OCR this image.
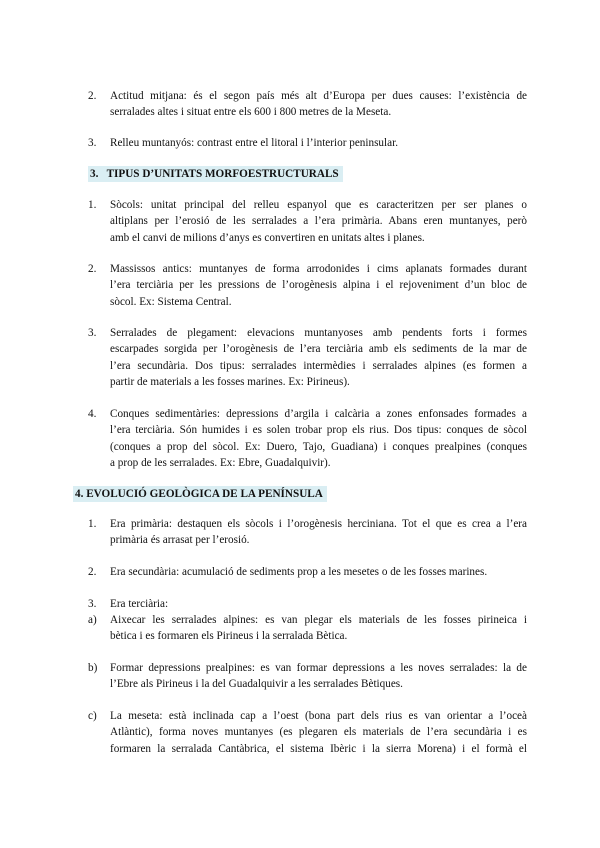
2.	Actitud mitjana: és el segon país més alt d’Europa per dues causes: l’existència de
serralades altes i situat entre els 600 i 800 metres de la Meseta.
3.	Relleu muntanyós: contrast entre el litoral i l’interior peninsular.
3.   TIPUS D’UNITATS MORFOESTRUCTURALS
1.	Sòcols: unitat principal del relleu espanyol que es caracteritzen per ser planes o
altiplans per l’erosió de les serralades a l’era primària. Abans eren muntanyes, però
amb el canvi de milions d’anys es convertiren en unitats altes i planes.
2.	Massissos antics: muntanyes de forma arrodonides i cims aplanats formades durant
l’era terciària per les pressions de l’orogènesis alpina i el rejoveniment d’un bloc de
sòcol. Ex: Sistema Central.
3.	Serralades de plegament: elevacions muntanyoses amb pendents forts i formes
escarpades sorgida per l’orogènesis de l’era terciària amb els sediments de la mar de
l’era secundària. Dos tipus: serralades intermèdies i serralades alpines (es formen a
partir de materials a les fosses marines. Ex: Pirineus).
4.	Conques sedimentàries: depressions d’argila i calcària a zones enfonsades formades a
l’era terciària. Són humides i es solen trobar prop els rius. Dos tipus: conques de sòcol
(conques a prop del sòcol. Ex: Duero, Tajo, Guadiana) i conques prealpines (conques
a prop de les serralades. Ex: Ebre, Guadalquivir).
4. EVOLUCIÓ GEOLÒGICA DE LA PENÍNSULA
1.	Era primària: destaquen els sòcols i l’orogènesis herciniana. Tot el que es crea a l’era
primària és arrasat per l’erosió.
2.	Era secundària: acumulació de sediments prop a les mesetes o de les fosses marines.
3.	Era terciària:
a)	Aixecar les serralades alpines: es van plegar els materials de les fosses pirineica i
bètica i es formaren els Pirineus i la serralada Bètica.
b)	Formar depressions prealpines: es van formar depressions a les noves serralades: la de
l’Ebre als Pirineus i la del Guadalquivir a les serralades Bètiques.
c)	La meseta: està inclinada cap a l’oest (bona part dels rius es van orientar a l’oceà
Atlàntic), forma noves muntanyes (es plegaren els materials de l’era secundària i es
formaren la serralada Cantàbrica, el sistema Ibèric i la sierra Morena) i el formà el
